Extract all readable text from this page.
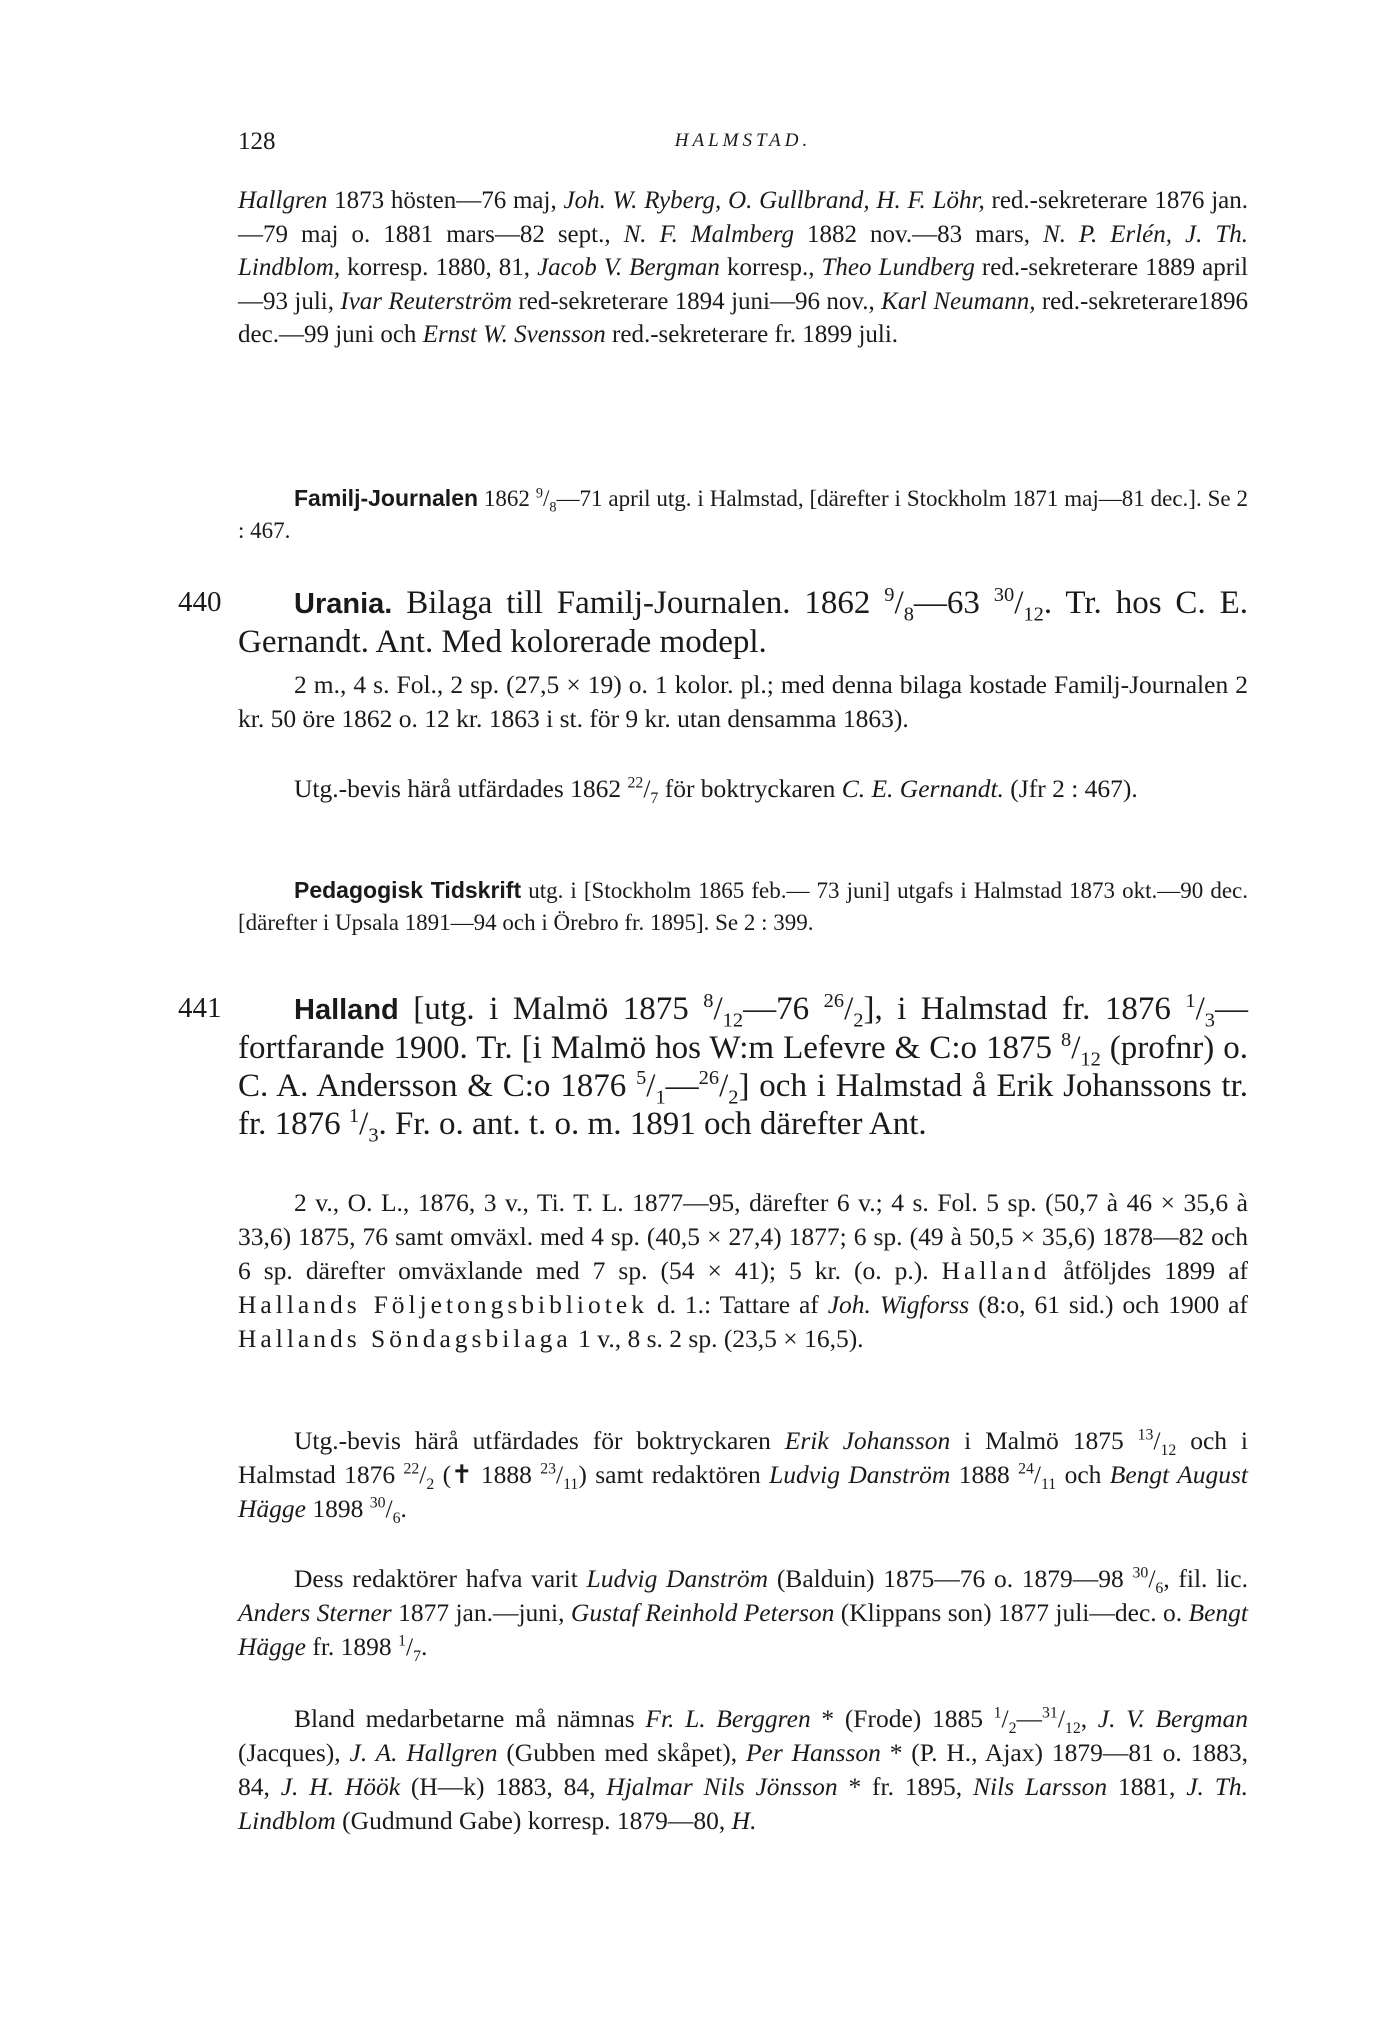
128	HALMSTAD.
Hallgren 1873 hösten—76 maj, Joh. W. Ryberg, O. Gullbrand, H. F. Löhr, red.-sekreterare 1876 jan.—79 maj o. 1881 mars—82 sept., N. F. Malmberg 1882 nov.—83 mars, N. P. Erlén, J. Th. Lindblom, korresp. 1880, 81, Jacob V. Bergman korresp., Theo Lundberg red.-sekreterare 1889 april—93 juli, Ivar Reuterström red-sekreterare 1894 juni—96 nov., Karl Neumann, red.-sekreterare1896 dec.—99 juni och Ernst W. Svensson red.-sekreterare fr. 1899 juli.
Familj-Journalen 1862 $^9/_8—71$ april utg. i Halmstad, [därefter i Stockholm 1871 maj—81 dec.]. Se 2 : 467.
440	Urania. Bilaga till Familj-Journalen. 1862 $^9/_8—63$ $^{30}/_{12}$. Tr. hos C. E. Gernandt. Ant. Med kolorerade modepl.
2 m., 4 s. Fol., 2 sp. (27,5 × 19) o. 1 kolor. pl.; med denna bilaga kostade Familj-Journalen 2 kr. 50 öre 1862 o. 12 kr. 1863 i st. för 9 kr. utan densamma 1863).
Utg.-bevis härå utfärdades 1862 $^{22}/_7$ för boktryckaren C. E. Gernandt. (Jfr 2 : 467).
Pedagogisk Tidskrift utg. i [Stockholm 1865 feb.— 73 juni] utgafs i Halmstad 1873 okt.—90 dec. [därefter i Upsala 1891—94 och i Örebro fr. 1895]. Se 2 : 399.
441	Halland [utg. i Malmö 1875 $^8/_{12}—76$ $^{26}/_2$], i Halmstad fr. 1876 $^1/_3—fortfarande$ 1900. Tr. [i Malmö hos W:m Lefevre & C:o 1875 $^8/_{12}$ (profnr) o. C. A. Andersson & C:o 1876 $^5/_1—^{26}/_2$] och i Halmstad å Erik Johanssons tr. fr. 1876 $^1/_3$. Fr. o. ant. t. o. m. 1891 och därefter Ant.
2 v., O. L., 1876, 3 v., Ti. T. L. 1877—95, därefter 6 v.; 4 s. Fol. 5 sp. (50,7 à 46 × 35,6 à 33,6) 1875, 76 samt omväxl. med 4 sp. (40,5 × 27,4) 1877; 6 sp. (49 à 50,5 × 35,6) 1878—82 och 6 sp. därefter omväxlande med 7 sp. (54 × 41); 5 kr. (o. p.). Halland åtföljdes 1899 af Hallands Följetongsbibliotek d. 1.: Tattare af Joh. Wigforss (8:o, 61 sid.) och 1900 af Hallands Söndagsbilaga 1 v., 8 s. 2 sp. (23,5 × 16,5).
Utg.-bevis härå utfärdades för boktryckaren Erik Johansson i Malmö 1875 $^{13}/_{12}$ och i Halmstad 1876 $^{22}/_2$ (✝ 1888 $^{23}/_{11}$) samt redaktören Ludvig Danström 1888 $^{24}/_{11}$ och Bengt August Hägge 1898 $^{30}/_6$.
Dess redaktörer hafva varit Ludvig Danström (Balduin) 1875—76 o. 1879—98 $^{30}/_6$, fil. lic. Anders Sterner 1877 jan.—juni, Gustaf Reinhold Peterson (Klippans son) 1877 juli—dec. o. Bengt Hägge fr. 1898 $^1/_7$.
Bland medarbetarne må nämnas Fr. L. Berggren * (Frode) 1885 $^1/_2—^{31}/_{12}$, J. V. Bergman (Jacques), J. A. Hallgren (Gubben med skåpet), Per Hansson * (P. H., Ajax) 1879—81 o. 1883, 84, J. H. Höök (H—k) 1883, 84, Hjalmar Nils Jönsson * fr. 1895, Nils Larsson 1881, J. Th. Lindblom (Gudmund Gabe) korresp. 1879—80, H.
